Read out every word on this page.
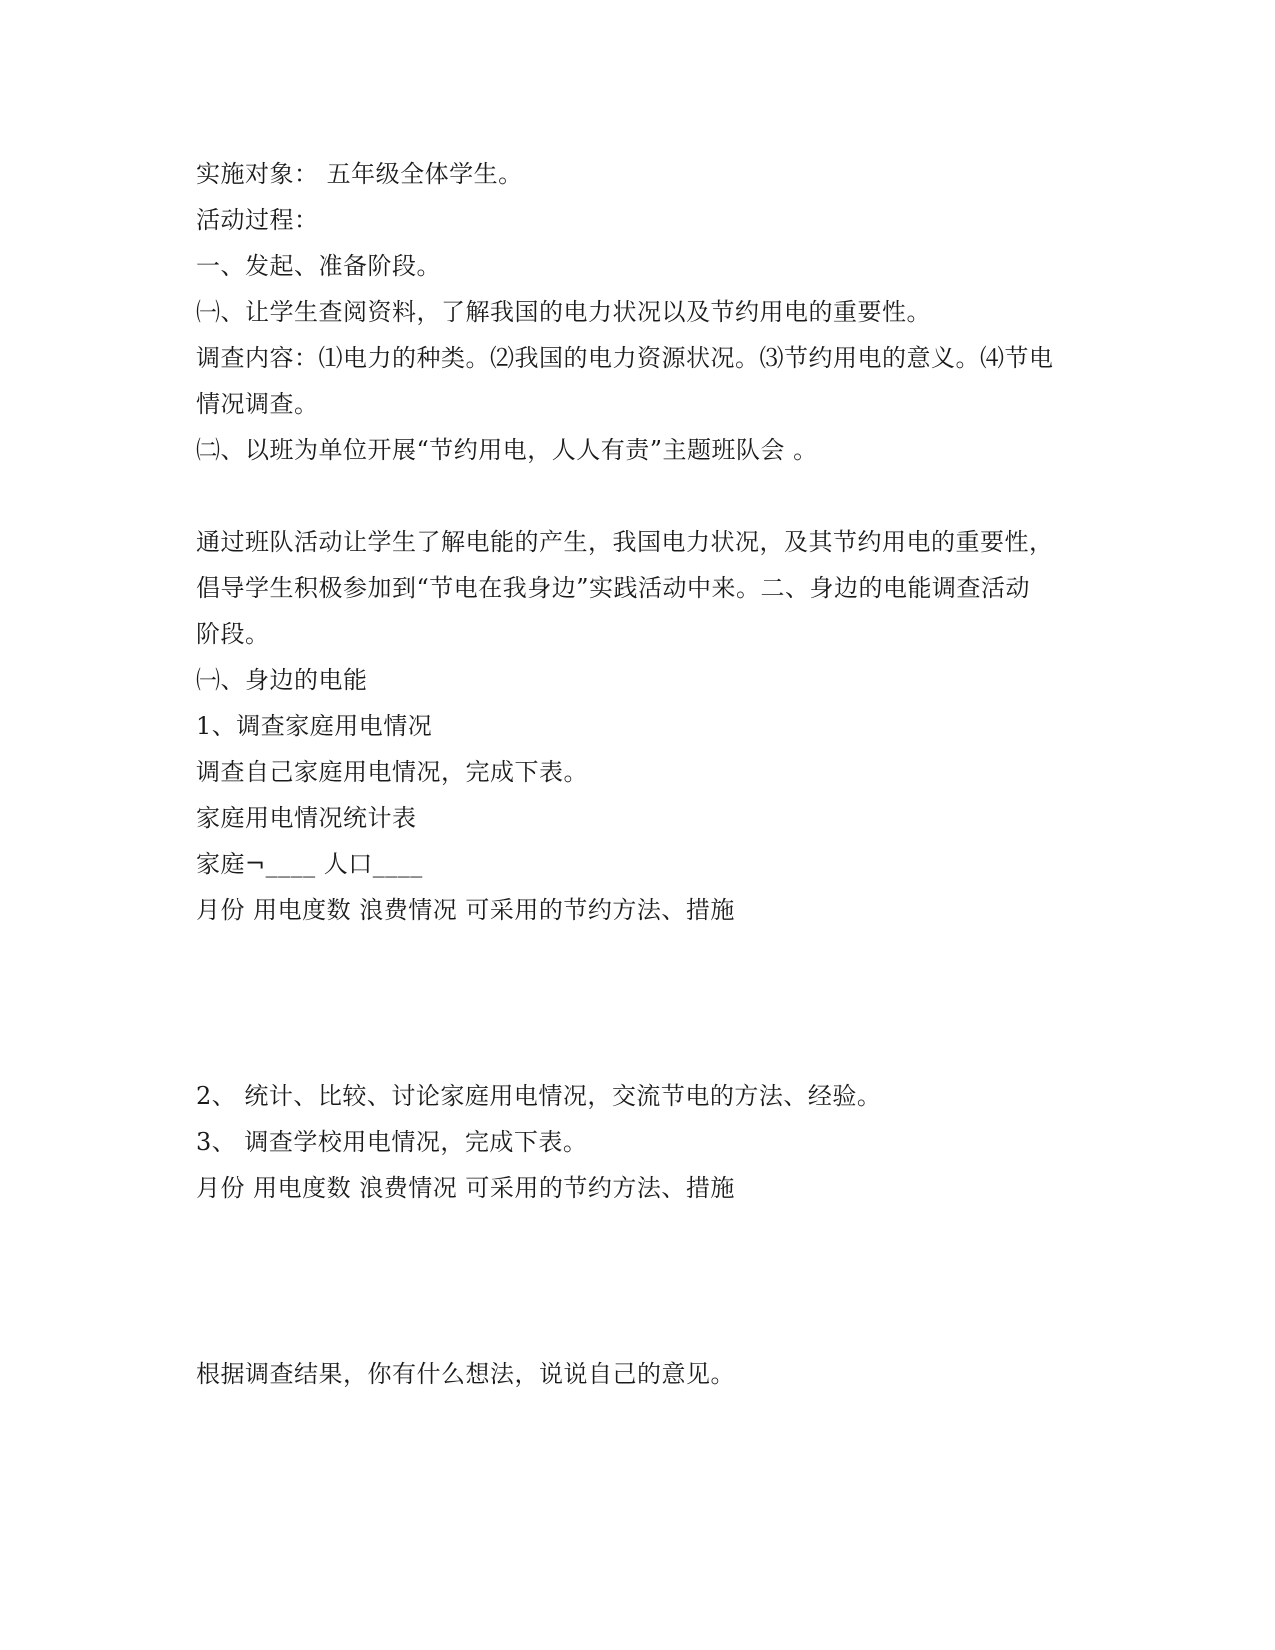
实施对象： 五年级全体学生。
活动过程：
一、发起、准备阶段。
㈠、让学生查阅资料，了解我国的电力状况以及节约用电的重要性。
调查内容：⑴电力的种类。⑵我国的电力资源状况。⑶节约用电的意义。⑷节电
情况调查。
㈡、以班为单位开展“节约用电，人人有责”主题班队会 。
通过班队活动让学生了解电能的产生，我国电力状况，及其节约用电的重要性，
倡导学生积极参加到“节电在我身边”实践活动中来。二、身边的电能调查活动
阶段。
㈠、身边的电能
1、调查家庭用电情况
调查自己家庭用电情况，完成下表。
家庭用电情况统计表
家庭¬____ 人口____
月份 用电度数 浪费情况 可采用的节约方法、措施
2、 统计、比较、讨论家庭用电情况，交流节电的方法、经验。
3、 调查学校用电情况，完成下表。
月份 用电度数 浪费情况 可采用的节约方法、措施
根据调查结果，你有什么想法，说说自己的意见。
